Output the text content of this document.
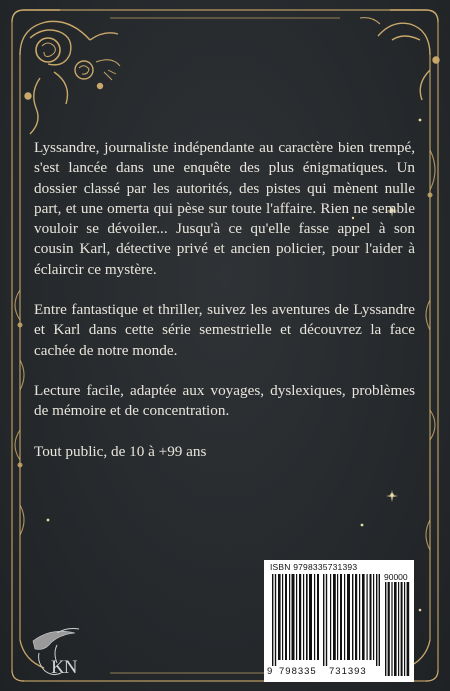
Lyssandre, journaliste indépendante au caractère bien trempé, s'est lancée dans une enquête des plus énigmatiques. Un dossier classé par les autorités, des pistes qui mènent nulle part, et une omerta qui pèse sur toute l'affaire. Rien ne semble vouloir se dévoiler... Jusqu'à ce qu'elle fasse appel à son cousin Karl, détective privé et ancien policier, pour l'aider à éclaircir ce mystère.

Entre fantastique et thriller, suivez les aventures de Lyssandre et Karl dans cette série semestrielle et découvrez la face cachée de notre monde.

Lecture facile, adaptée aux voyages, dyslexiques, problèmes de mémoire et de concentration.

Tout public, de 10 à +99 ans

ISBN 9798335731393
90000
9 798335	731393
KN
